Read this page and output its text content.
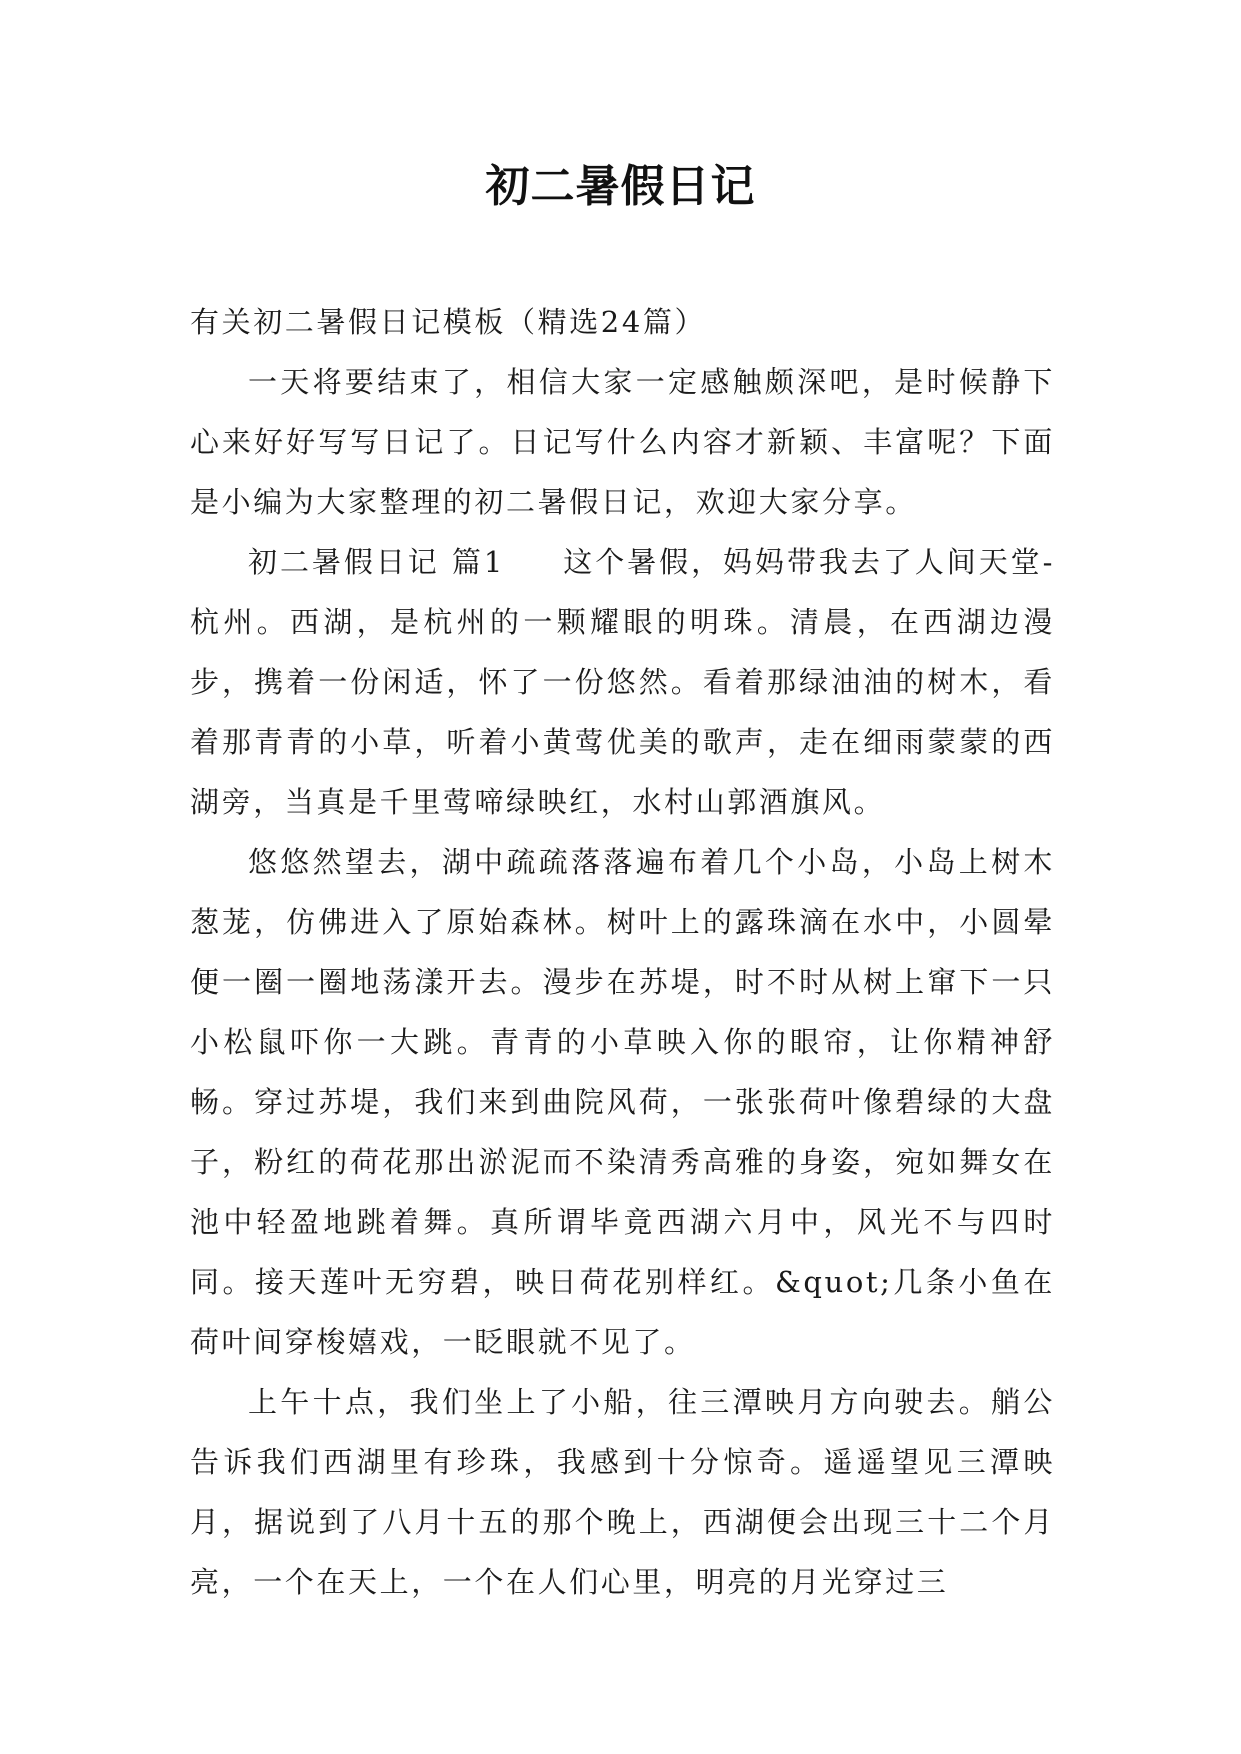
初二暑假日记

有关初二暑假日记模板（精选24篇）

一天将要结束了，相信大家一定感触颇深吧，是时候静下心来好好写写日记了。日记写什么内容才新颖、丰富呢？下面是小编为大家整理的初二暑假日记，欢迎大家分享。

初二暑假日记 篇1 这个暑假，妈妈带我去了人间天堂-杭州。西湖，是杭州的一颗耀眼的明珠。清晨，在西湖边漫步，携着一份闲适，怀了一份悠然。看着那绿油油的树木，看着那青青的小草，听着小黄莺优美的歌声，走在细雨蒙蒙的西湖旁，当真是千里莺啼绿映红，水村山郭酒旗风。

悠悠然望去，湖中疏疏落落遍布着几个小岛，小岛上树木葱茏，仿佛进入了原始森林。树叶上的露珠滴在水中，小圆晕便一圈一圈地荡漾开去。漫步在苏堤，时不时从树上窜下一只小松鼠吓你一大跳。青青的小草映入你的眼帘，让你精神舒畅。穿过苏堤，我们来到曲院风荷，一张张荷叶像碧绿的大盘子，粉红的荷花那出淤泥而不染清秀高雅的身姿，宛如舞女在池中轻盈地跳着舞。真所谓毕竟西湖六月中，风光不与四时同。接天莲叶无穷碧，映日荷花别样红。&quot;几条小鱼在荷叶间穿梭嬉戏，一眨眼就不见了。

上午十点，我们坐上了小船，往三潭映月方向驶去。艄公告诉我们西湖里有珍珠，我感到十分惊奇。遥遥望见三潭映月，据说到了八月十五的那个晚上，西湖便会出现三十二个月亮，一个在天上，一个在人们心里，明亮的月光穿过三
